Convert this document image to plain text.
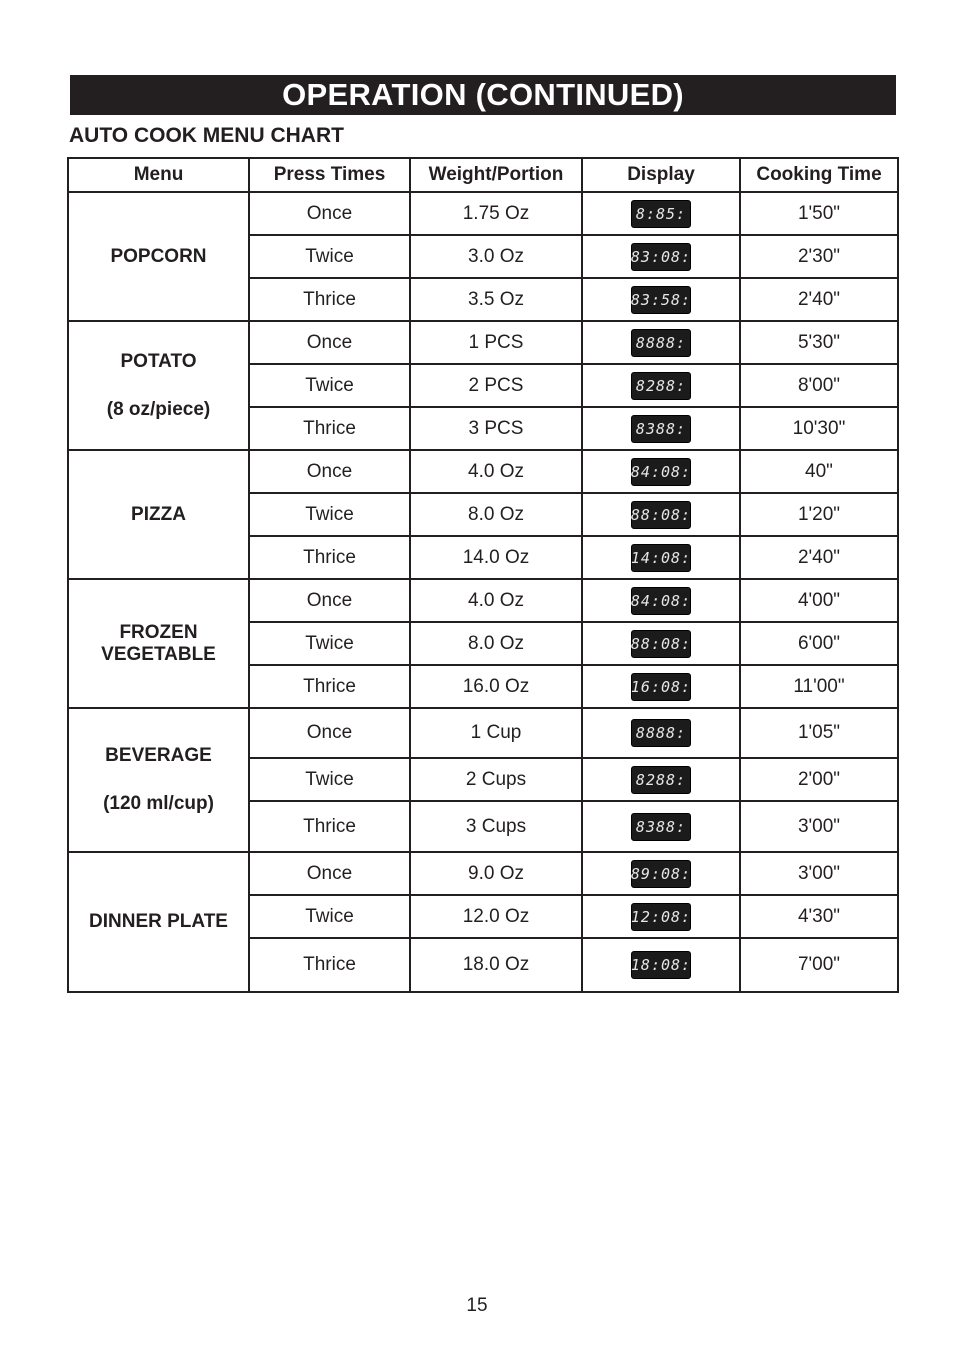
OPERATION (CONTINUED)
AUTO COOK MENU CHART
Menu	Press Times	Weight/Portion	Display	Cooking Time

POPCORN	Once	1.75 Oz	8:85:	1'50"
	Twice	3.0 Oz	83:08:	2'30"
	Thrice	3.5 Oz	83:58:	2'40"

POTATO
(8 oz/piece)	Once	1 PCS	8888:	5'30"
	Twice	2 PCS	8288:	8'00"
	Thrice	3 PCS	8388:	10'30"

PIZZA	Once	4.0 Oz	84:08:	40"
	Twice	8.0 Oz	88:08:	1'20"
	Thrice	14.0 Oz	14:08:	2'40"

FROZEN
VEGETABLE	Once	4.0 Oz	84:08:	4'00"
	Twice	8.0 Oz	88:08:	6'00"
	Thrice	16.0 Oz	16:08:	11'00"

BEVERAGE
(120 ml/cup)	Once	1 Cup	8888:	1'05"
	Twice	2 Cups	8288:	2'00"
	Thrice	3 Cups	8388:	3'00"

DINNER PLATE	Once	9.0 Oz	89:08:	3'00"
	Twice	12.0 Oz	12:08:	4'30"
	Thrice	18.0 Oz	18:08:	7'00"
15
